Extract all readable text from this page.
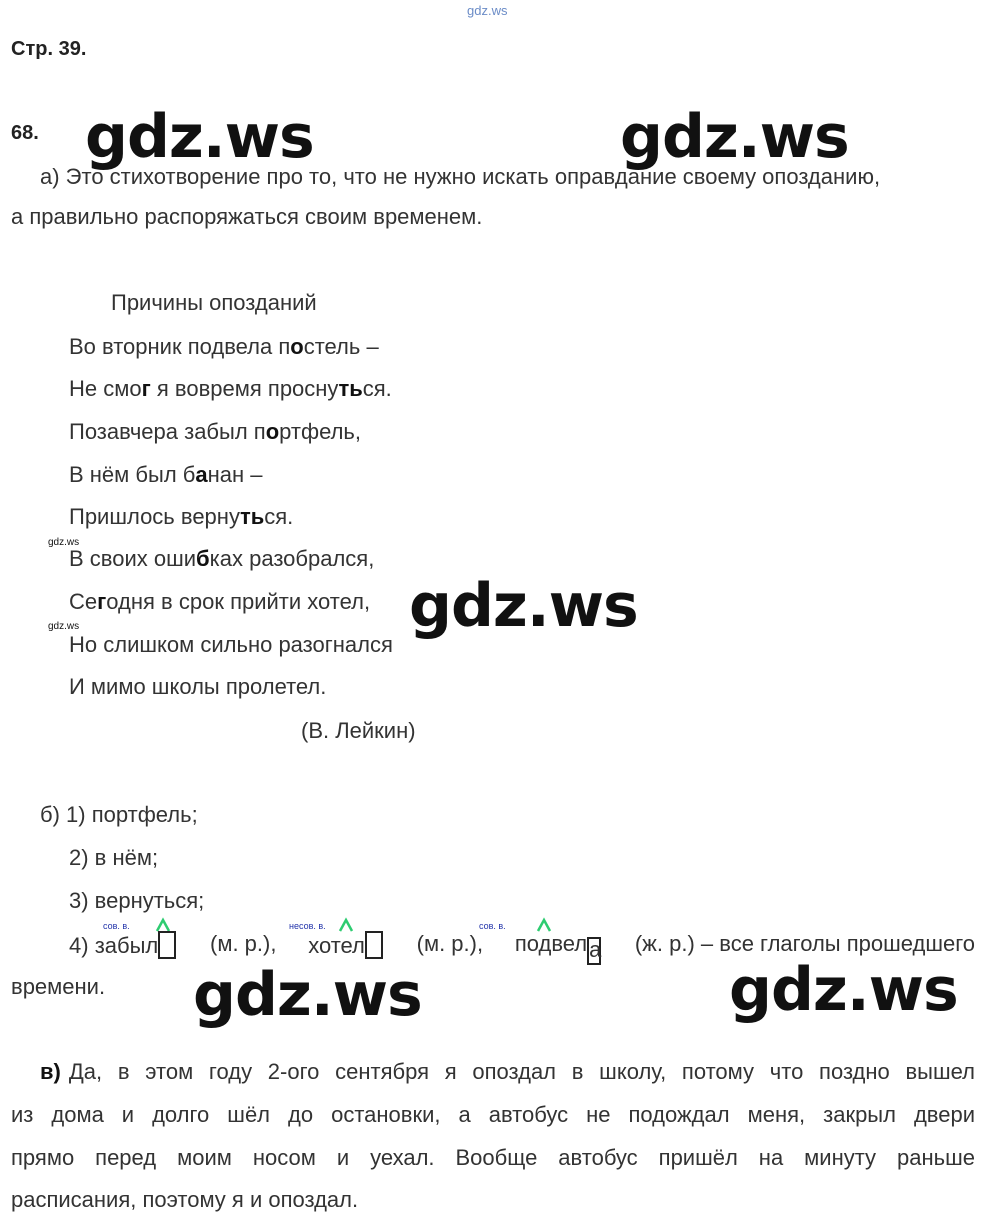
gdz.ws
Стр. 39.
68. gdz.ws	gdz.ws
gdz.ws
gdz.ws	gdz.ws
gdz.ws
gdz.ws
а) Это стихотворение про то, что не нужно искать оправдание своему опозданию,
а правильно распоряжаться своим временем.
Причины опозданий
Во вторник подвела постель –
Не смог я вовремя проснуться.
Позавчера забыл портфель,
В нём был банан –
Пришлось вернуться.
В своих ошибках разобрался,
Сегодня в срок прийти хотел,
Но слишком сильно разогнался
И мимо школы пролетел.
(В. Лейкин)
б) 1) портфель;
2) в нём;
3) вернуться;
сов. в.	несов. в.	сов. в.
4) забыл	(м. р.), хотел	(м. р.), подвела (ж. р.) – все глаголы прошедшего
времени.
в) Да, в этом году 2-ого сентября я опоздал в школу, потому что поздно вышел
из дома и долго шёл до остановки, а автобус не подождал меня, закрыл двери
прямо перед моим носом и уехал. Вообще автобус пришёл на минуту раньше
расписания, поэтому я и опоздал.
